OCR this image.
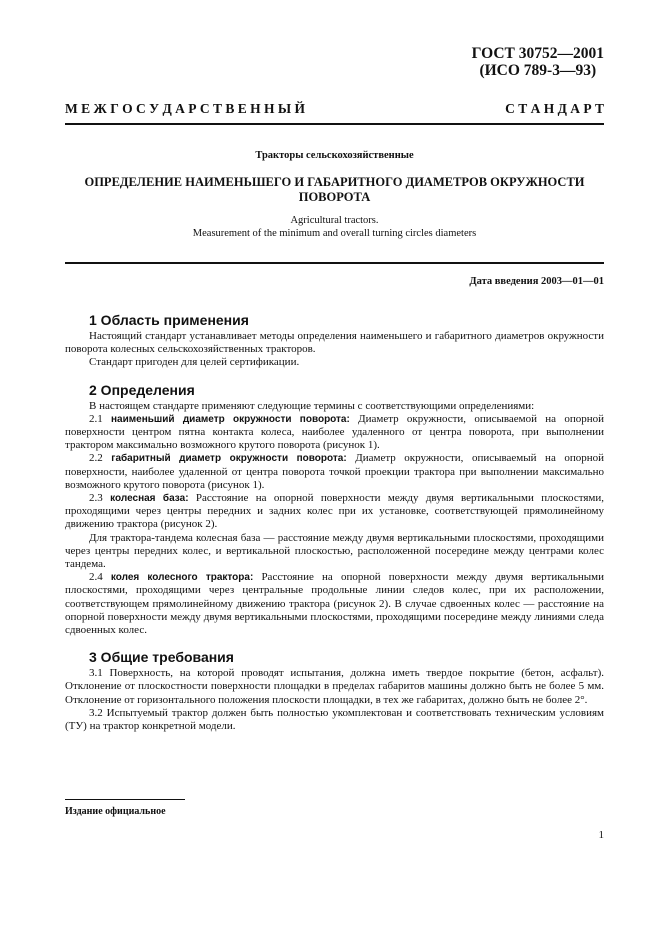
ГОСТ 30752—2001
(ИСО 789-3—93)
М Е Ж Г О С У Д А Р С Т В Е Н Н Ы Й	С Т А Н Д А Р Т
Тракторы сельскохозяйственные
ОПРЕДЕЛЕНИЕ НАИМЕНЬШЕГО И ГАБАРИТНОГО ДИАМЕТРОВ ОКРУЖНОСТИ ПОВОРОТА
Agricultural tractors.
Measurement of the minimum and overall turning circles diameters
Дата введения 2003—01—01
1 Область применения

Настоящий стандарт устанавливает методы определения наименьшего и габаритного диаметров окружности поворота колесных сельскохозяйственных тракторов.

Стандарт пригоден для целей сертификации.

2 Определения

В настоящем стандарте применяют следующие термины с соответствующими определениями:

2.1 наименьший диаметр окружности поворота: Диаметр окружности, описываемой на опорной поверхности центром пятна контакта колеса, наиболее удаленного от центра поворота, при выполнении трактором максимально возможного крутого поворота (рисунок 1).

2.2 габаритный диаметр окружности поворота: Диаметр окружности, описываемый на опорной поверхности, наиболее удаленной от центра поворота точкой проекции трактора при выполнении максимально возможного крутого поворота (рисунок 1).

2.3 колесная база: Расстояние на опорной поверхности между двумя вертикальными плоскостями, проходящими через центры передних и задних колес при их установке, соответствующей прямолинейному движению трактора (рисунок 2).

Для трактора-тандема колесная база — расстояние между двумя вертикальными плоскостями, проходящими через центры передних колес, и вертикальной плоскостью, расположенной посередине между центрами колес тандема.

2.4 колея колесного трактора: Расстояние на опорной поверхности между двумя вертикальными плоскостями, проходящими через центральные продольные линии следов колес, при их расположении, соответствующем прямолинейному движению трактора (рисунок 2). В случае сдвоенных колес — расстояние на опорной поверхности между двумя вертикальными плоскостями, проходящими посередине между линиями следа сдвоенных колес.

3 Общие требования

3.1 Поверхность, на которой проводят испытания, должна иметь твердое покрытие (бетон, асфальт). Отклонение от плоскостности поверхности площадки в пределах габаритов машины должно быть не более 5 мм. Отклонение от горизонтального положения плоскости площадки, в тех же габаритах, должно быть не более 2°.

3.2 Испытуемый трактор должен быть полностью укомплектован и соответствовать техническим условиям (ТУ) на трактор конкретной модели.

Издание официальное
1
